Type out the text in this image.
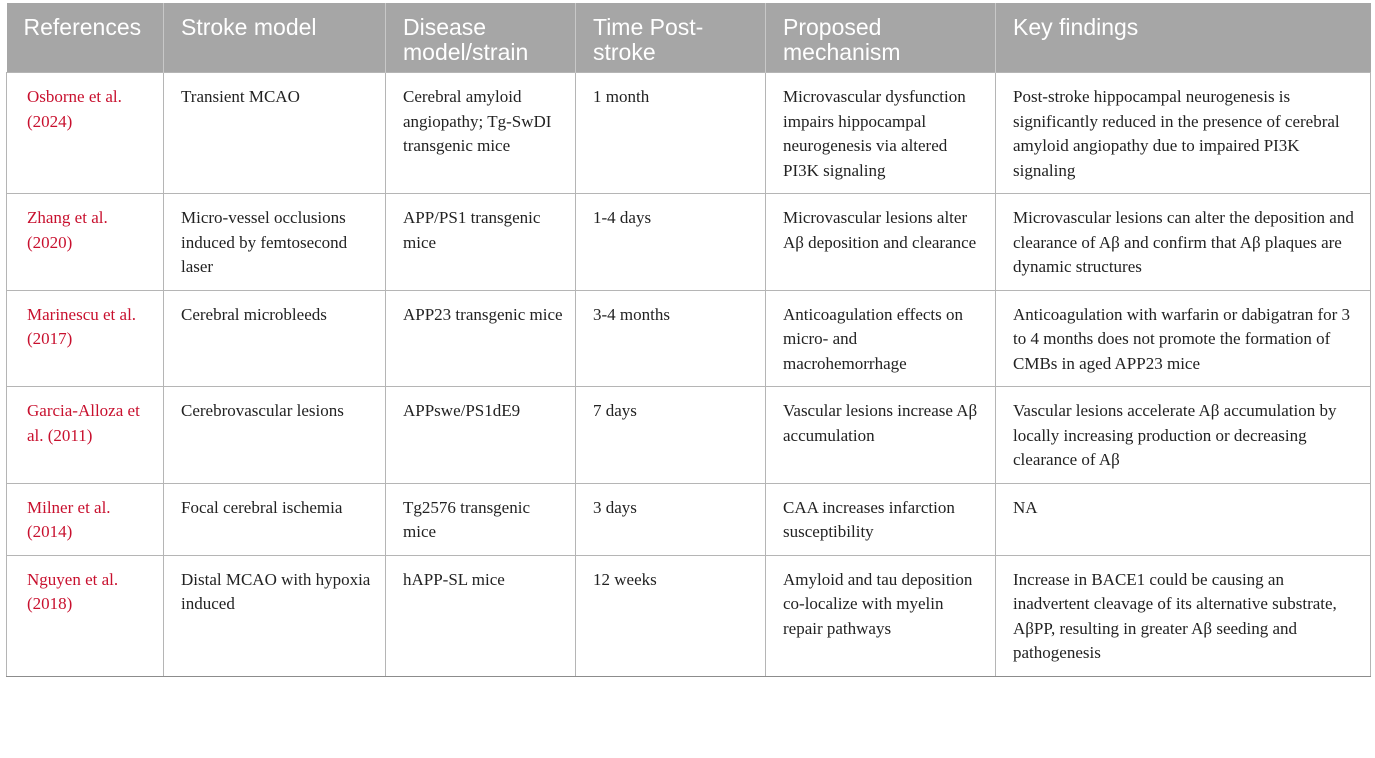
References	Stroke model	Disease model/strain	Time Post-stroke	Proposed mechanism	Key findings
Osborne et al. (2024)	Transient MCAO	Cerebral amyloid angiopathy; Tg-SwDI transgenic mice	1 month	Microvascular dysfunction impairs hippocampal neurogenesis via altered PI3K signaling	Post-stroke hippocampal neurogenesis is significantly reduced in the presence of cerebral amyloid angiopathy due to impaired PI3K signaling
Zhang et al. (2020)	Micro-vessel occlusions induced by femtosecond laser	APP/PS1 transgenic mice	1-4 days	Microvascular lesions alter Aβ deposition and clearance	Microvascular lesions can alter the deposition and clearance of Aβ and confirm that Aβ plaques are dynamic structures
Marinescu et al. (2017)	Cerebral microbleeds	APP23 transgenic mice	3-4 months	Anticoagulation effects on micro- and macrohemorrhage	Anticoagulation with warfarin or dabigatran for 3 to 4 months does not promote the formation of CMBs in aged APP23 mice
Garcia-Alloza et al. (2011)	Cerebrovascular lesions	APPswe/PS1dE9	7 days	Vascular lesions increase Aβ accumulation	Vascular lesions accelerate Aβ accumulation by locally increasing production or decreasing clearance of Aβ
Milner et al. (2014)	Focal cerebral ischemia	Tg2576 transgenic mice	3 days	CAA increases infarction susceptibility	NA
Nguyen et al. (2018)	Distal MCAO with hypoxia induced	hAPP-SL mice	12 weeks	Amyloid and tau deposition co-localize with myelin repair pathways	Increase in BACE1 could be causing an inadvertent cleavage of its alternative substrate, AβPP, resulting in greater Aβ seeding and pathogenesis
